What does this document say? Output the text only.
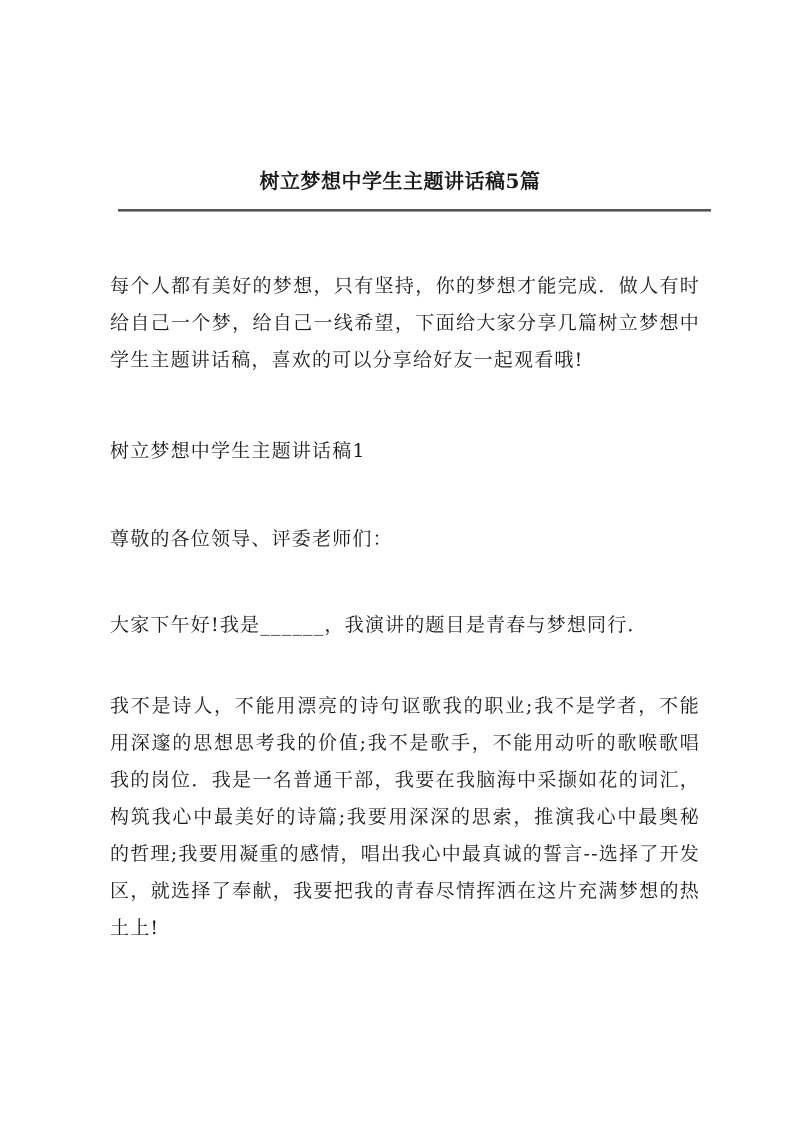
树立梦想中学生主题讲话稿5篇

每个人都有美好的梦想，只有坚持，你的梦想才能完成．做人有时给自己一个梦，给自己一线希望，下面给大家分享几篇树立梦想中学生主题讲话稿，喜欢的可以分享给好友一起观看哦!

树立梦想中学生主题讲话稿1

尊敬的各位领导、评委老师们：

大家下午好!我是______，我演讲的题目是青春与梦想同行．

我不是诗人，不能用漂亮的诗句讴歌我的职业;我不是学者，不能用深邃的思想思考我的价值;我不是歌手，不能用动听的歌喉歌唱我的岗位．我是一名普通干部，我要在我脑海中采撷如花的词汇，构筑我心中最美好的诗篇;我要用深深的思索，推演我心中最奥秘的哲理;我要用凝重的感情，唱出我心中最真诚的誓言--选择了开发区，就选择了奉献，我要把我的青春尽情挥洒在这片充满梦想的热土上!
